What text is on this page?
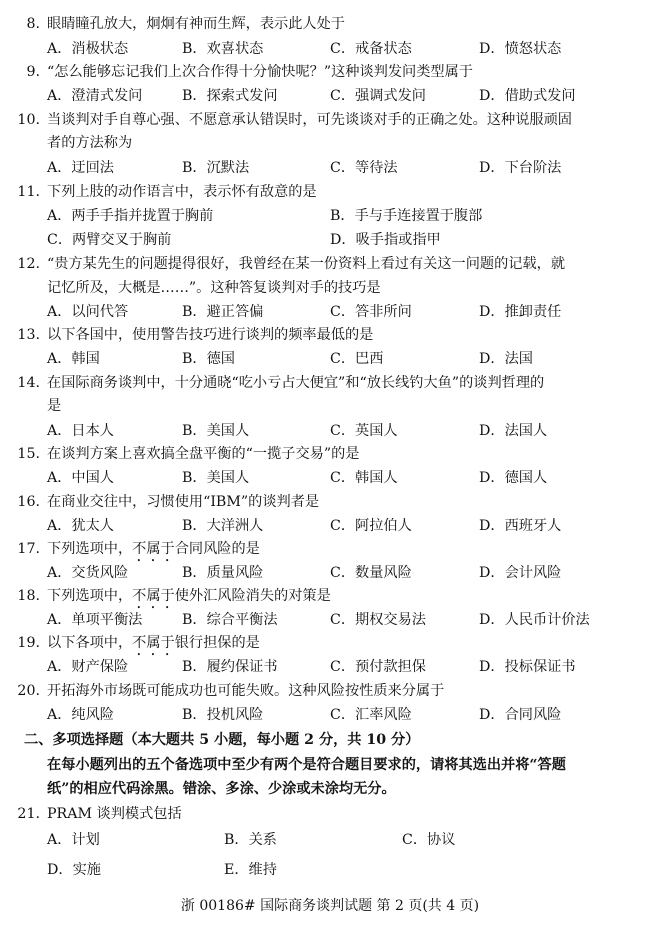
8. 眼睛瞳孔放大，炯炯有神而生辉，表示此人处于
A．消极状态	B．欢喜状态	C．戒备状态	D．愤怒状态
9. “怎么能够忘记我们上次合作得十分愉快呢？”这种谈判发问类型属于
A．澄清式发问	B．探索式发问	C．强调式发问	D．借助式发问
10. 当谈判对手自尊心强、不愿意承认错误时，可先谈谈对手的正确之处。这种说服顽固
者的方法称为
A．迂回法	B．沉默法	C．等待法	D．下台阶法
11. 下列上肢的动作语言中，表示怀有敌意的是
A．两手手指并拢置于胸前	B．手与手连接置于腹部
C．两臂交叉于胸前	D．吸手指或指甲
12. “贵方某先生的问题提得很好，我曾经在某一份资料上看过有关这一问题的记载，就
记忆所及，大概是……”。这种答复谈判对手的技巧是
A．以问代答	B．避正答偏	C．答非所问	D．推卸责任
13. 以下各国中，使用警告技巧进行谈判的频率最低的是
A．韩国	B．德国	C．巴西	D．法国
14. 在国际商务谈判中，十分通晓“吃小亏占大便宜”和“放长线钓大鱼”的谈判哲理的
是
A．日本人	B．美国人	C．英国人	D．法国人
15. 在谈判方案上喜欢搞全盘平衡的“一揽子交易”的是
A．中国人	B．美国人	C．韩国人	D．德国人
16. 在商业交往中，习惯使用“IBM”的谈判者是
A．犹太人	B．大洋洲人	C．阿拉伯人	D．西班牙人
17. 下列选项中，不属于合同风险的是
A．交货风险	B．质量风险	C．数量风险	D．会计风险
18. 下列选项中，不属于使外汇风险消失的对策是
A．单项平衡法	B．综合平衡法	C．期权交易法	D．人民币计价法
19. 以下各项中，不属于银行担保的是
A．财产保险	B．履约保证书	C．预付款担保	D．投标保证书
20. 开拓海外市场既可能成功也可能失败。这种风险按性质来分属于
A．纯风险	B．投机风险	C．汇率风险	D．合同风险
二、多项选择题（本大题共 5 小题，每小题 2 分，共 10 分）
在每小题列出的五个备选项中至少有两个是符合题目要求的，请将其选出并将“答题
纸”的相应代码涂黑。错涂、多涂、少涂或未涂均无分。
21. PRAM 谈判模式包括
A．计划	B．关系	C．协议
D．实施	E．维持
浙 00186# 国际商务谈判试题 第 2 页(共 4 页)
